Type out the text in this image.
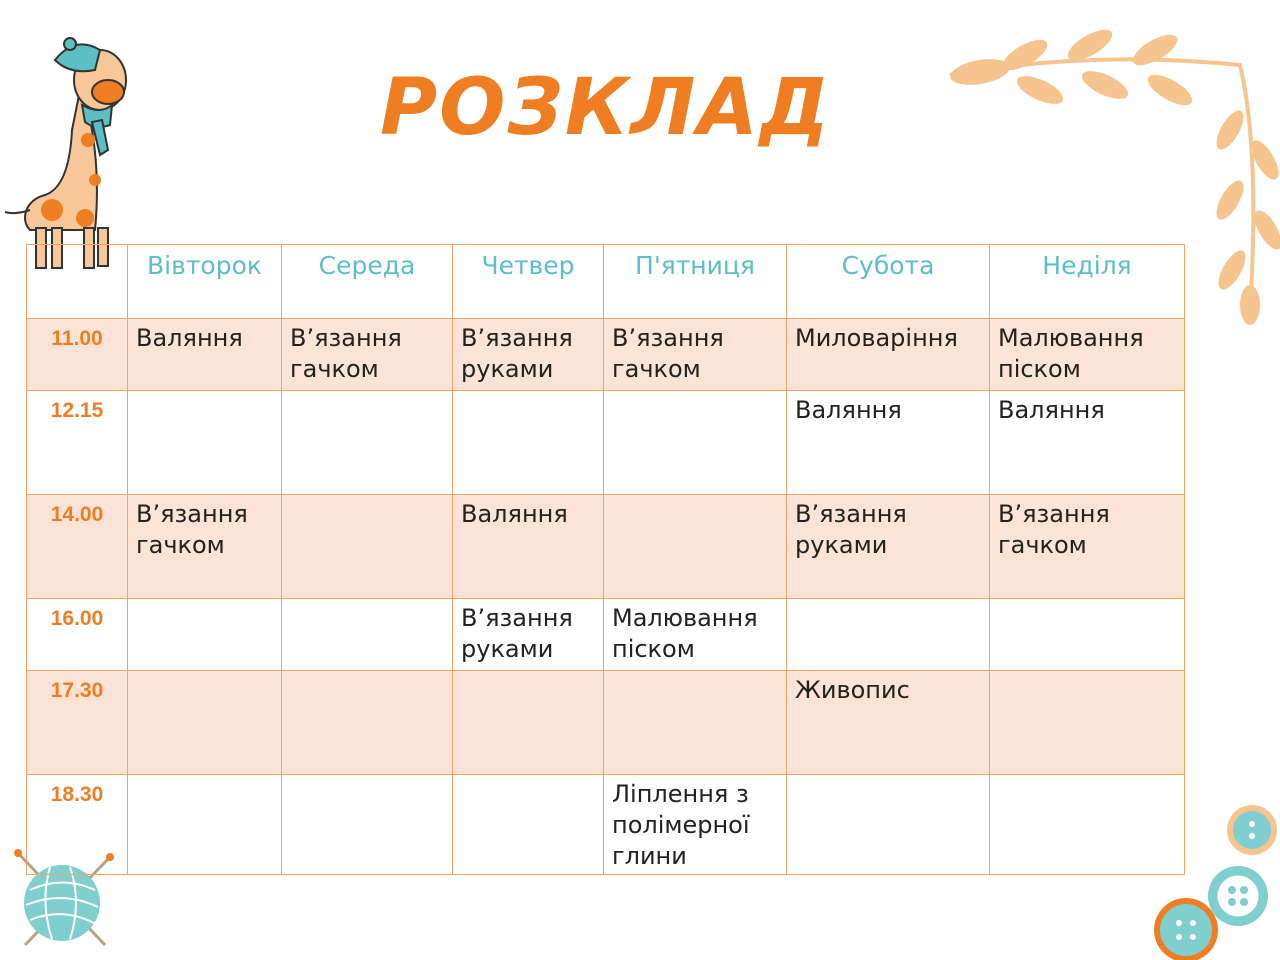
РОЗКЛАД
	Вівторок	Середа	Четвер	П'ятниця	Субота	Неділя
11.00	Валяння	В’язання гачком	В’язання руками	В’язання гачком	Миловаріння	Малювання піском
12.15					Валяння	Валяння
14.00	В’язання гачком		Валяння		В’язання руками	В’язання гачком
16.00			В’язання руками	Малювання піском		
17.30					Живопис	
18.30				Ліплення з полімерної глини		
